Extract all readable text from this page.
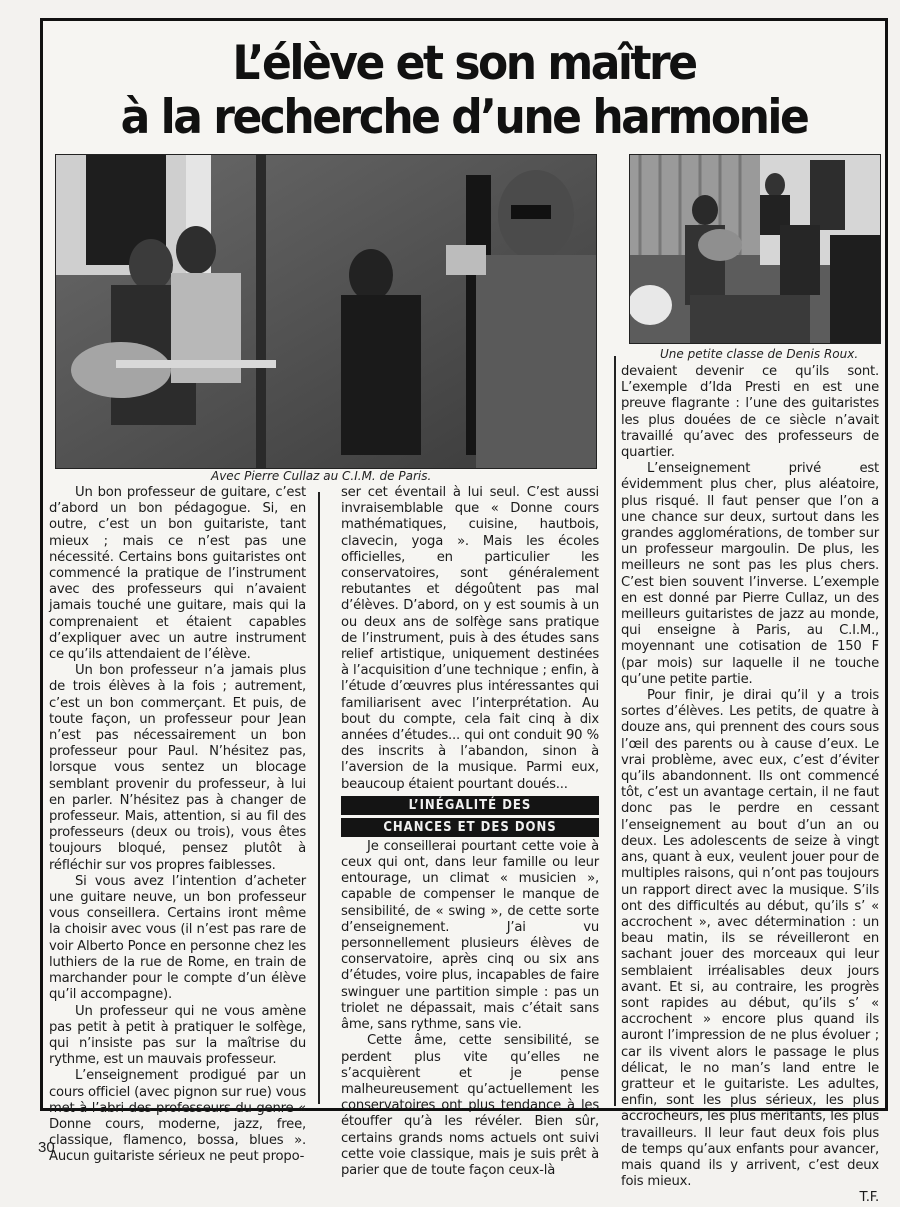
L’élève et son maître
à la recherche d’une harmonie
Avec Pierre Cullaz au C.I.M. de Paris.
Une petite classe de Denis Roux.

Un bon professeur de guitare, c’est d’abord un bon pédagogue. Si, en outre, c’est un bon guitariste, tant mieux ; mais ce n’est pas une nécessité. Certains bons guitaristes ont commencé la pratique de l’instrument avec des professeurs qui n’avaient jamais touché une guitare, mais qui la comprenaient et étaient capables d’expliquer avec un autre instrument ce qu’ils attendaient de l’élève.

Un bon professeur n’a jamais plus de trois élèves à la fois ; autrement, c’est un bon commerçant. Et puis, de toute façon, un professeur pour Jean n’est pas nécessairement un bon professeur pour Paul. N’hésitez pas, lorsque vous sentez un blocage semblant provenir du professeur, à lui en parler. N’hésitez pas à changer de professeur. Mais, attention, si au fil des professeurs (deux ou trois), vous êtes toujours bloqué, pensez plutôt à réfléchir sur vos propres faiblesses.

Si vous avez l’intention d’acheter une guitare neuve, un bon professeur vous conseillera. Certains iront même la choisir avec vous (il n’est pas rare de voir Alberto Ponce en personne chez les luthiers de la rue de Rome, en train de marchander pour le compte d’un élève qu’il accompagne).

Un professeur qui ne vous amène pas petit à petit à pratiquer le solfège, qui n’insiste pas sur la maîtrise du rythme, est un mauvais professeur.

L’enseignement prodigué par un cours officiel (avec pignon sur rue) vous met à l’abri des professeurs du genre « Donne cours, moderne, jazz, free, classique, flamenco, bossa, blues ». Aucun guitariste sérieux ne peut propo-

ser cet éventail à lui seul. C’est aussi invraisemblable que « Donne cours mathématiques, cuisine, hautbois, clavecin, yoga ». Mais les écoles officielles, en particulier les conservatoires, sont généralement rebutantes et dégoûtent pas mal d’élèves. D’abord, on y est soumis à un ou deux ans de solfège sans pratique de l’instrument, puis à des études sans relief artistique, uniquement destinées à l’acquisition d’une technique ; enfin, à l’étude d’œuvres plus intéressantes qui familiarisent avec l’interprétation. Au bout du compte, cela fait cinq à dix années d’études... qui ont conduit 90 % des inscrits à l’abandon, sinon à l’aversion de la musique. Parmi eux, beaucoup étaient pourtant doués...

L’INÉGALITÉ DES
CHANCES ET DES DONS

Je conseillerai pourtant cette voie à ceux qui ont, dans leur famille ou leur entourage, un climat « musicien », capable de compenser le manque de sensibilité, de « swing », de cette sorte d’enseignement. J’ai vu personnellement plusieurs élèves de conservatoire, après cinq ou six ans d’études, voire plus, incapables de faire swinguer une partition simple : pas un triolet ne dépassait, mais c’était sans âme, sans rythme, sans vie.

Cette âme, cette sensibilité, se perdent plus vite qu’elles ne s’acquièrent et je pense malheureusement qu’actuellement les conservatoires ont plus tendance à les étouffer qu’à les révéler. Bien sûr, certains grands noms actuels ont suivi cette voie classique, mais je suis prêt à parier que de toute façon ceux-là

devaient devenir ce qu’ils sont. L’exemple d’Ida Presti en est une preuve flagrante : l’une des guitaristes les plus douées de ce siècle n’avait travaillé qu’avec des professeurs de quartier.

L’enseignement privé est évidemment plus cher, plus aléatoire, plus risqué. Il faut penser que l’on a une chance sur deux, surtout dans les grandes agglomérations, de tomber sur un professeur margoulin. De plus, les meilleurs ne sont pas les plus chers. C’est bien souvent l’inverse. L’exemple en est donné par Pierre Cullaz, un des meilleurs guitaristes de jazz au monde, qui enseigne à Paris, au C.I.M., moyennant une cotisation de 150 F (par mois) sur laquelle il ne touche qu’une petite partie.

Pour finir, je dirai qu’il y a trois sortes d’élèves. Les petits, de quatre à douze ans, qui prennent des cours sous l’œil des parents ou à cause d’eux. Le vrai problème, avec eux, c’est d’éviter qu’ils abandonnent. Ils ont commencé tôt, c’est un avantage certain, il ne faut donc pas le perdre en cessant l’enseignement au bout d’un an ou deux. Les adolescents de seize à vingt ans, quant à eux, veulent jouer pour de multiples raisons, qui n’ont pas toujours un rapport direct avec la musique. S’ils ont des difficultés au début, qu’ils s’ « accrochent », avec détermination : un beau matin, ils se réveilleront en sachant jouer des morceaux qui leur semblaient irréalisables deux jours avant. Et si, au contraire, les progrès sont rapides au début, qu’ils s’ « accrochent » encore plus quand ils auront l’impression de ne plus évoluer ; car ils vivent alors le passage le plus délicat, le no man’s land entre le gratteur et le guitariste. Les adultes, enfin, sont les plus sérieux, les plus accrocheurs, les plus méritants, les plus travailleurs. Il leur faut deux fois plus de temps qu’aux enfants pour avancer, mais quand ils y arrivent, c’est deux fois mieux.

T.F.
30
